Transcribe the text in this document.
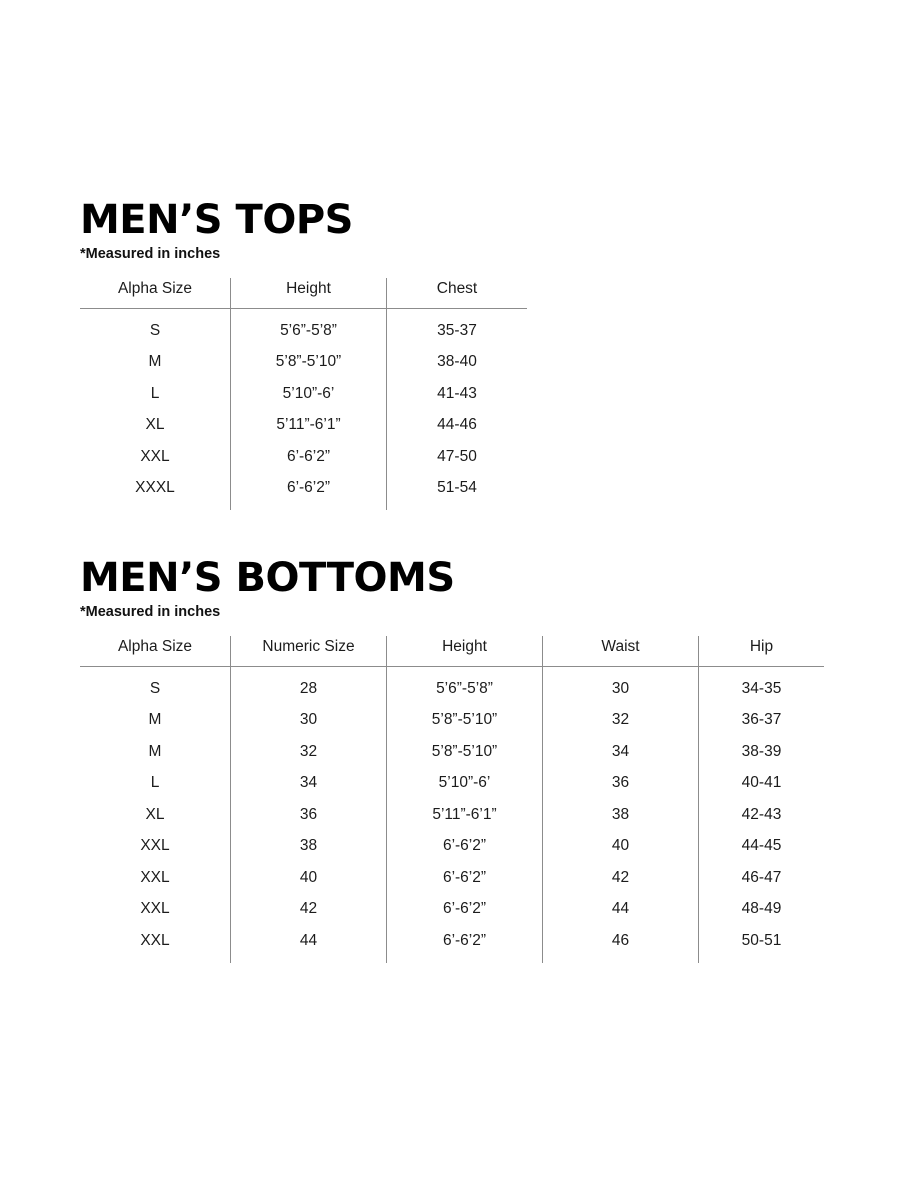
MEN’S TOPS

*Measured in inches

Alpha Size	Height	Chest
S	5’6”-5’8”	35-37
M	5’8”-5’10”	38-40
L	5’10”-6’	41-43
XL	5’11”-6’1”	44-46
XXL	6’-6’2”	47-50
XXXL	6’-6’2”	51-54
MEN’S BOTTOMS

*Measured in inches

Alpha Size	Numeric Size	Height	Waist	Hip
S	28	5’6”-5’8”	30	34-35
M	30	5’8”-5’10”	32	36-37
M	32	5’8”-5’10”	34	38-39
L	34	5’10”-6’	36	40-41
XL	36	5’11”-6’1”	38	42-43
XXL	38	6’-6’2”	40	44-45
XXL	40	6’-6’2”	42	46-47
XXL	42	6’-6’2”	44	48-49
XXL	44	6’-6’2”	46	50-51
